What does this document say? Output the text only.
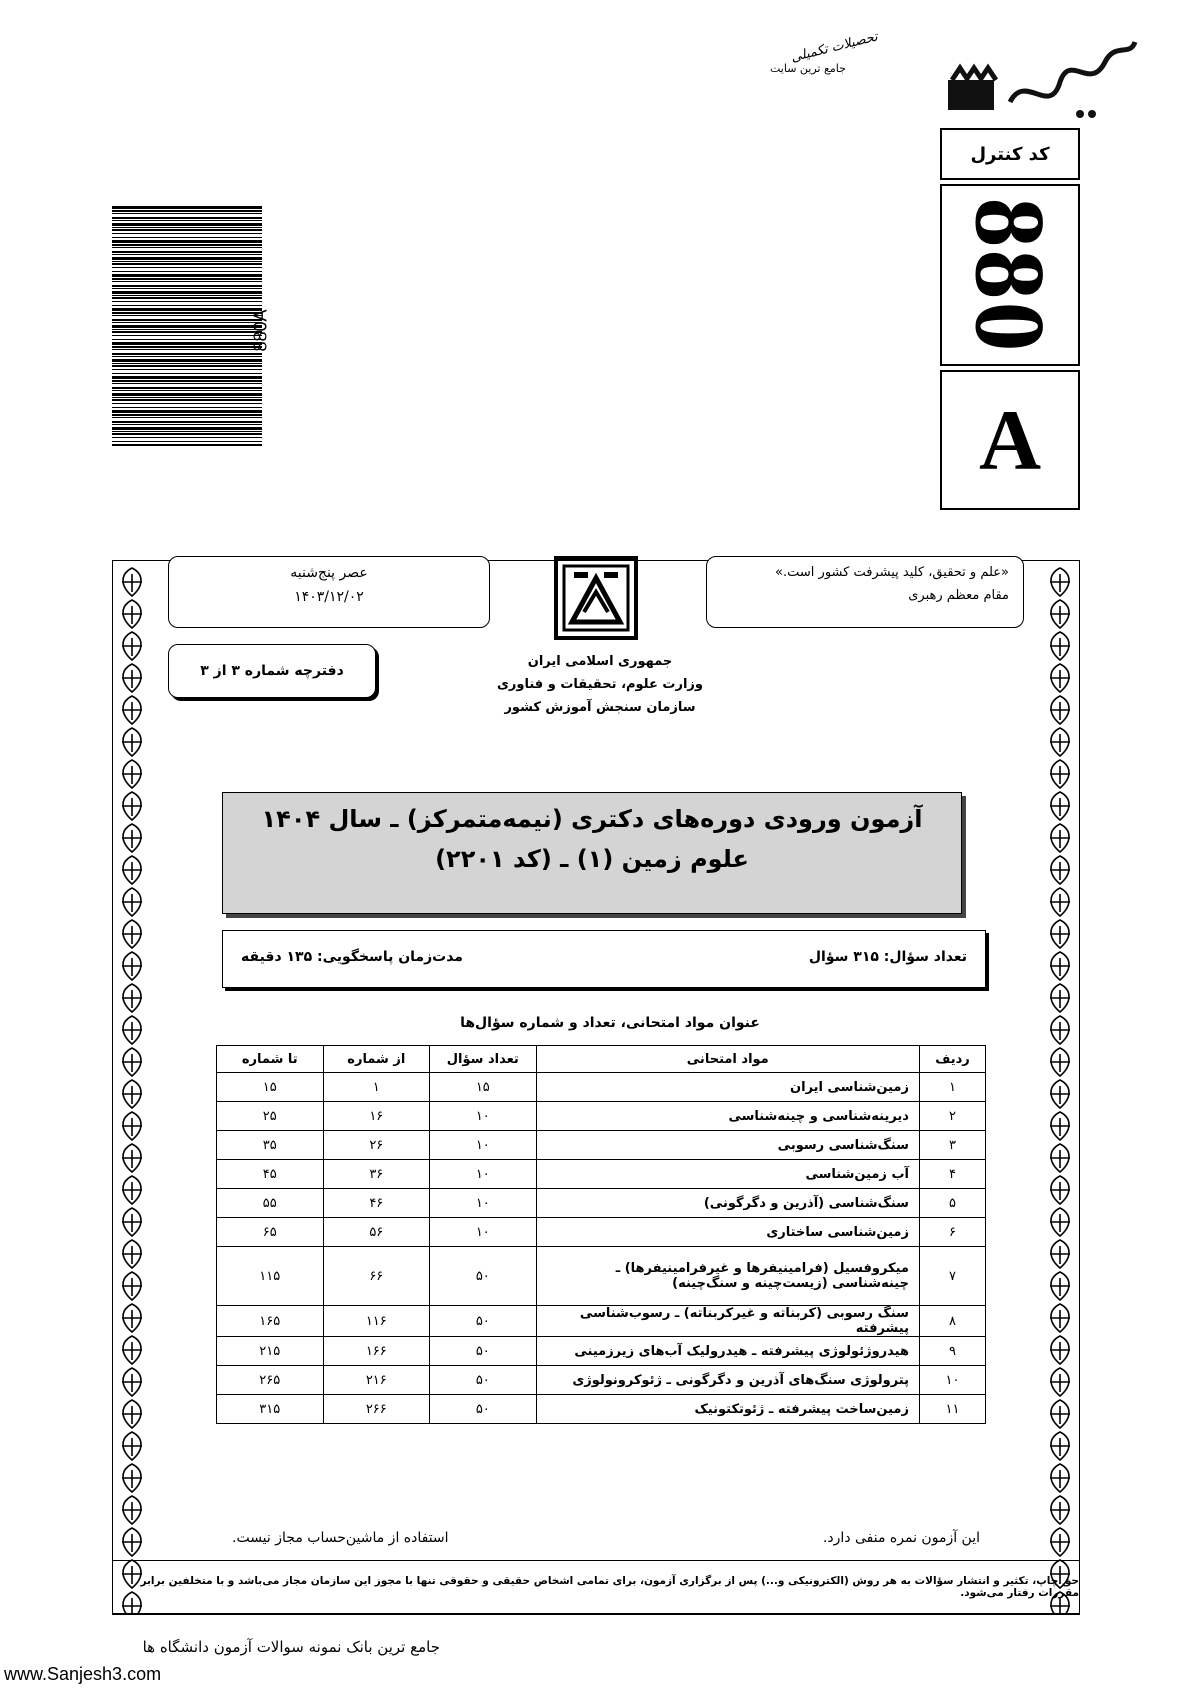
تحصیلات تکمیلی
جامع ترین سایت
کد کنترل
880
A
880A
عصر پنج‌شنبه
۱۴۰۳/۱۲/۰۲
دفترچه شماره ۳ از ۳
«علم و تحقیق، کلید پیشرفت کشور است.»
مقام معظم رهبری
جمهوری اسلامی ایران
وزارت علوم، تحقیقات و فناوری
سازمان سنجش آموزش کشور
آزمون ورودی دوره‌های دکتری (نیمه‌متمرکز) ـ سال ۱۴۰۴
علوم زمین (۱) ـ (کد ۲۲۰۱)
تعداد سؤال: ۳۱۵ سؤال
مدت‌زمان پاسخگویی: ۱۳۵ دقیقه
عنوان مواد امتحانی، تعداد و شماره سؤال‌ها
ردیف	مواد امتحانی	تعداد سؤال	از شماره	تا شماره
۱	زمین‌شناسی ایران	۱۵	۱	۱۵
۲	دیرینه‌شناسی و چینه‌شناسی	۱۰	۱۶	۲۵
۳	سنگ‌شناسی رسوبی	۱۰	۲۶	۳۵
۴	آب زمین‌شناسی	۱۰	۳۶	۴۵
۵	سنگ‌شناسی (آذرین و دگرگونی)	۱۰	۴۶	۵۵
۶	زمین‌شناسی ساختاری	۱۰	۵۶	۶۵
۷	میکروفسیل (فرامینیفرها و غیرفرامینیفرها) ـ چینه‌شناسی (زیست‌چینه و سنگ‌چینه)	۵۰	۶۶	۱۱۵
۸	سنگ رسوبی (کربناته و غیرکربناته) ـ رسوب‌شناسی پیشرفته	۵۰	۱۱۶	۱۶۵
۹	هیدروژئولوژی پیشرفته ـ هیدرولیک آب‌های زیرزمینی	۵۰	۱۶۶	۲۱۵
۱۰	پترولوژی سنگ‌های آذرین و دگرگونی ـ ژئوکرونولوژی	۵۰	۲۱۶	۲۶۵
۱۱	زمین‌ساخت پیشرفته ـ ژئوتکتونیک	۵۰	۲۶۶	۳۱۵
این آزمون نمره منفی دارد.
استفاده از ماشین‌حساب مجاز نیست.
حق چاپ، تکثیر و انتشار سؤالات به هر روش (الکترونیکی و...) پس از برگزاری آزمون، برای تمامی اشخاص حقیقی و حقوقی تنها با مجوز این سازمان مجاز می‌باشد و با متخلفین برابر مقررات رفتار می‌شود.
جامع ترین بانک نمونه سوالات آزمون دانشگاه ها
www.Sanjesh3.com
